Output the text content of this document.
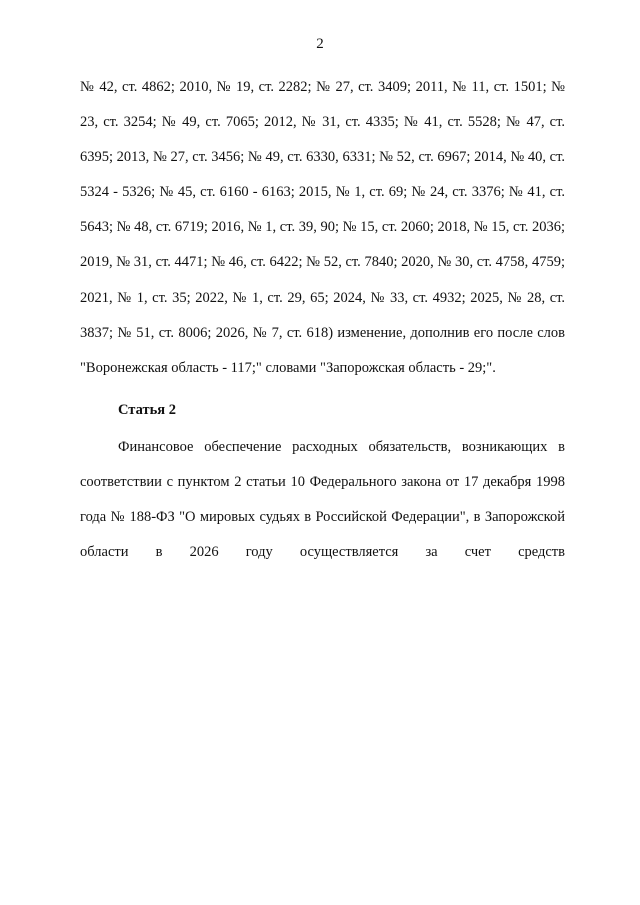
2

№ 42, ст. 4862; 2010, № 19, ст. 2282; № 27, ст. 3409; 2011, № 11, ст. 1501; № 23, ст. 3254; № 49, ст. 7065; 2012, № 31, ст. 4335; № 41, ст. 5528; № 47, ст. 6395; 2013, № 27, ст. 3456; № 49, ст. 6330, 6331; № 52, ст. 6967; 2014, № 40, ст. 5324 - 5326; № 45, ст. 6160 - 6163; 2015, № 1, ст. 69; № 24, ст. 3376; № 41, ст. 5643; № 48, ст. 6719; 2016, № 1, ст. 39, 90; № 15, ст. 2060; 2018, № 15, ст. 2036; 2019, № 31, ст. 4471; № 46, ст. 6422; № 52, ст. 7840; 2020, № 30, ст. 4758, 4759; 2021, № 1, ст. 35; 2022, № 1, ст. 29, 65; 2024, № 33, ст. 4932; 2025, № 28, ст. 3837; № 51, ст. 8006; 2026, № 7, ст. 618) изменение, дополнив его после слов "Воронежская область - 117;" словами "Запорожская область - 29;".

Статья 2

Финансовое обеспечение расходных обязательств, возникающих в соответствии с пунктом 2 статьи 10 Федерального закона от 17 декабря 1998 года № 188-ФЗ "О мировых судьях в Российской Федерации", в Запорожской области в 2026 году осуществляется за счет средств
